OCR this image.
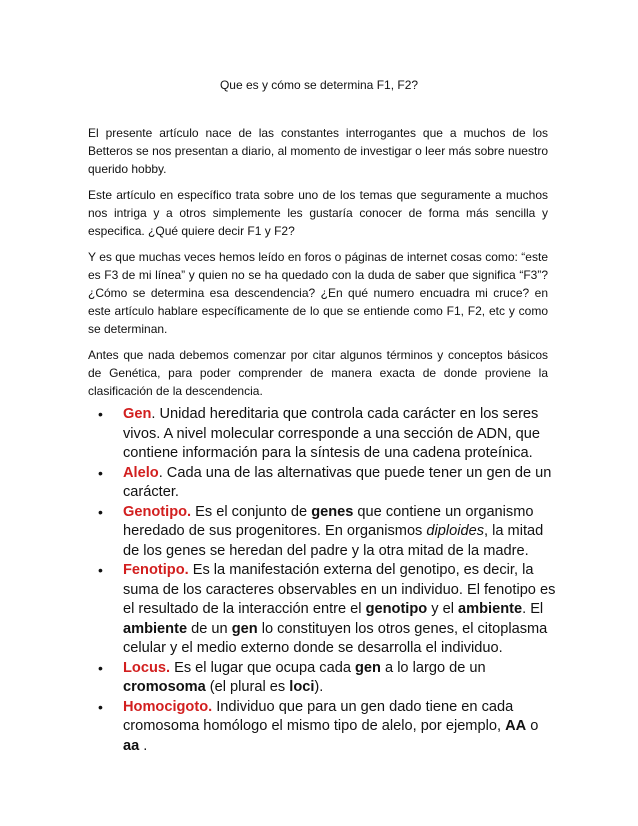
Que es y cómo se determina F1, F2?

El presente artículo nace de las constantes interrogantes que a muchos de los Betteros se nos presentan a diario, al momento de investigar o leer más sobre nuestro querido hobby.

Este artículo en específico trata sobre uno de los temas que seguramente a muchos nos intriga y a otros simplemente les gustaría conocer de forma más sencilla y especifica. ¿Qué quiere decir F1 y F2?

Y es que muchas veces hemos leído en foros o páginas de internet cosas como: “este es F3 de mi línea” y quien no se ha quedado con la duda de saber que significa “F3”? ¿Cómo se determina esa descendencia? ¿En qué numero encuadra mi cruce? en este artículo hablare específicamente de lo que se entiende como F1, F2, etc y como se determinan.

Antes que nada debemos comenzar por citar algunos términos y conceptos básicos de Genética, para poder comprender de manera exacta de donde proviene la clasificación de la descendencia.

• Gen. Unidad hereditaria que controla cada carácter en los seres vivos. A nivel molecular corresponde a una sección de ADN, que contiene información para la síntesis de una cadena proteínica.
• Alelo. Cada una de las alternativas que puede tener un gen de un carácter.
• Genotipo. Es el conjunto de genes que contiene un organismo heredado de sus progenitores. En organismos diploides, la mitad de los genes se heredan del padre y la otra mitad de la madre.
• Fenotipo. Es la manifestación externa del genotipo, es decir, la suma de los caracteres observables en un individuo. El fenotipo es el resultado de la interacción entre el genotipo y el ambiente. El ambiente de un gen lo constituyen los otros genes, el citoplasma celular y el medio externo donde se desarrolla el individuo.
• Locus. Es el lugar que ocupa cada gen a lo largo de un cromosoma (el plural es loci).
• Homocigoto. Individuo que para un gen dado tiene en cada cromosoma homólogo el mismo tipo de alelo, por ejemplo, AA o aa .
